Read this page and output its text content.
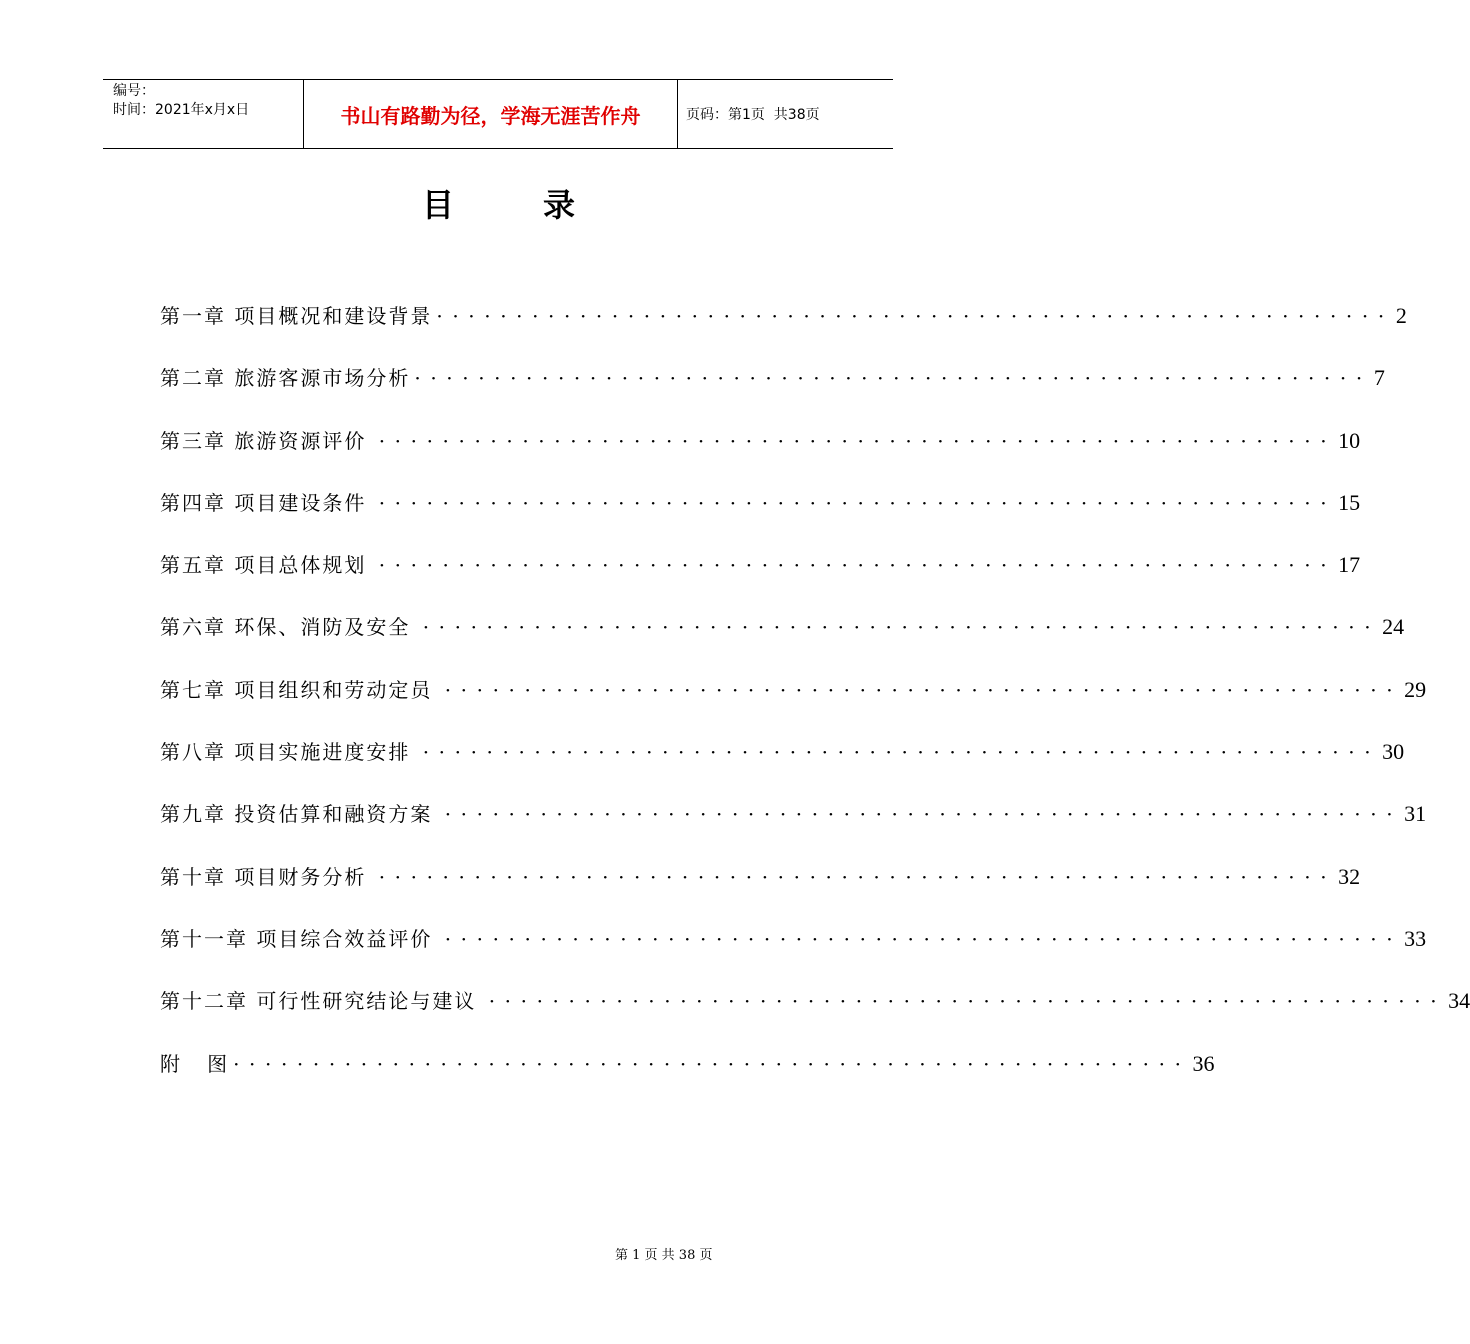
编号：
时间：2021年x月x日	书山有路勤为径，学海无涯苦作舟	页码：第1页  共38页
目	录
第一章 项目概况和建设背景 ···························································· 2
第二章 旅游客源市场分析 ···························································· 7
第三章 旅游资源评价 ···························································· 10
第四章 项目建设条件 ···························································· 15
第五章 项目总体规划 ···························································· 17
第六章 环保、消防及安全 ···························································· 24
第七章 项目组织和劳动定员 ···························································· 29
第八章 项目实施进度安排 ···························································· 30
第九章 投资估算和融资方案 ···························································· 31
第十章 项目财务分析 ···························································· 32
第十一章 项目综合效益评价 ···························································· 33
第十二章 可行性研究结论与建议 ···························································· 34
附   图 ···························································· 36
第 1 页 共 38 页
